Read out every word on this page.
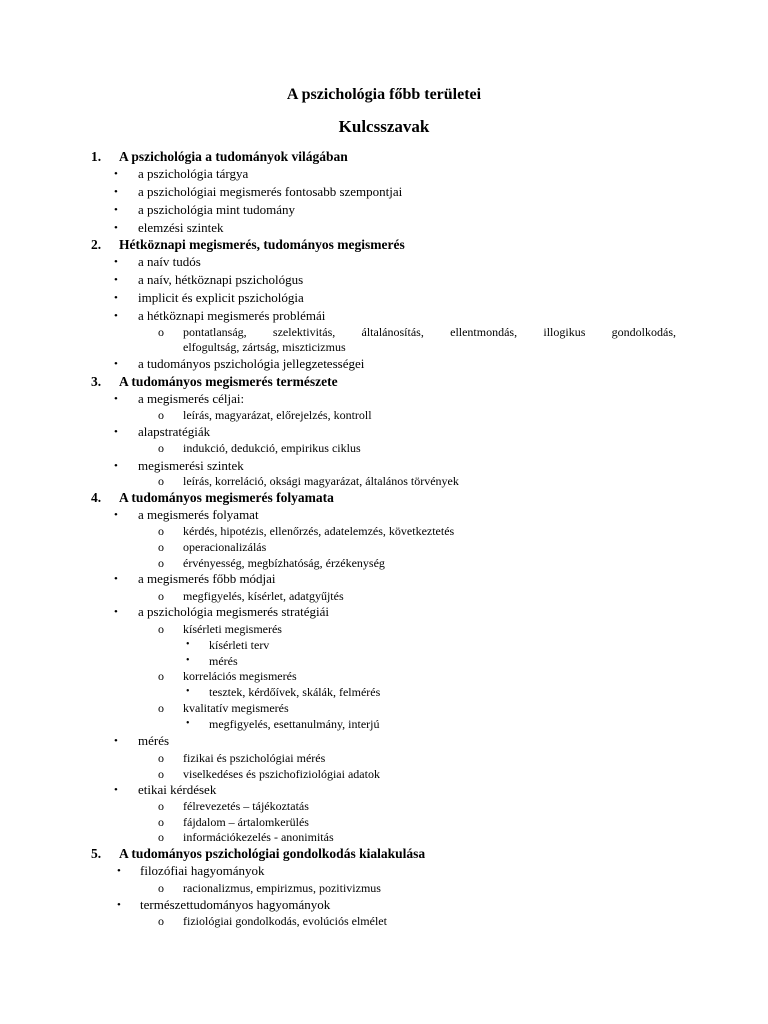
A pszichológia főbb területei
Kulcsszavak
1. A pszichológia a tudományok világában
• a pszichológia tárgya
• a pszichológiai megismerés fontosabb szempontjai
• a pszichológia mint tudomány
• elemzési szintek
2. Hétköznapi megismerés, tudományos megismerés
• a naív tudós
• a naív, hétköznapi pszichológus
• implicit és explicit pszichológia
• a hétköznapi megismerés problémái
o pontatlanság, szelektivitás, általánosítás, ellentmondás, illogikus gondolkodás,
elfogultság, zártság, miszticizmus
• a tudományos pszichológia jellegzetességei
3. A tudományos megismerés természete
• a megismerés céljai:
o leírás, magyarázat, előrejelzés, kontroll
• alapstratégiák
o indukció, dedukció, empirikus ciklus
• megismerési szintek
o leírás, korreláció, oksági magyarázat, általános törvények
4. A tudományos megismerés folyamata
• a megismerés folyamat
o kérdés, hipotézis, ellenőrzés, adatelemzés, következtetés
o operacionalizálás
o érvényesség, megbízhatóság, érzékenység
• a megismerés főbb módjai
o megfigyelés, kísérlet, adatgyűjtés
• a pszichológia megismerés stratégiái
o kísérleti megismerés
• kísérleti terv
• mérés
o korrelációs megismerés
• tesztek, kérdőívek, skálák, felmérés
o kvalitatív megismerés
• megfigyelés, esettanulmány, interjú
• mérés
o fizikai és pszichológiai mérés
o viselkedéses és pszichofiziológiai adatok
• etikai kérdések
o félrevezetés – tájékoztatás
o fájdalom – ártalomkerülés
o információkezelés - anonimitás
5. A tudományos pszichológiai gondolkodás kialakulása
• filozófiai hagyományok
o racionalizmus, empirizmus, pozitivizmus
• természettudományos hagyományok
o fiziológiai gondolkodás, evolúciós elmélet
